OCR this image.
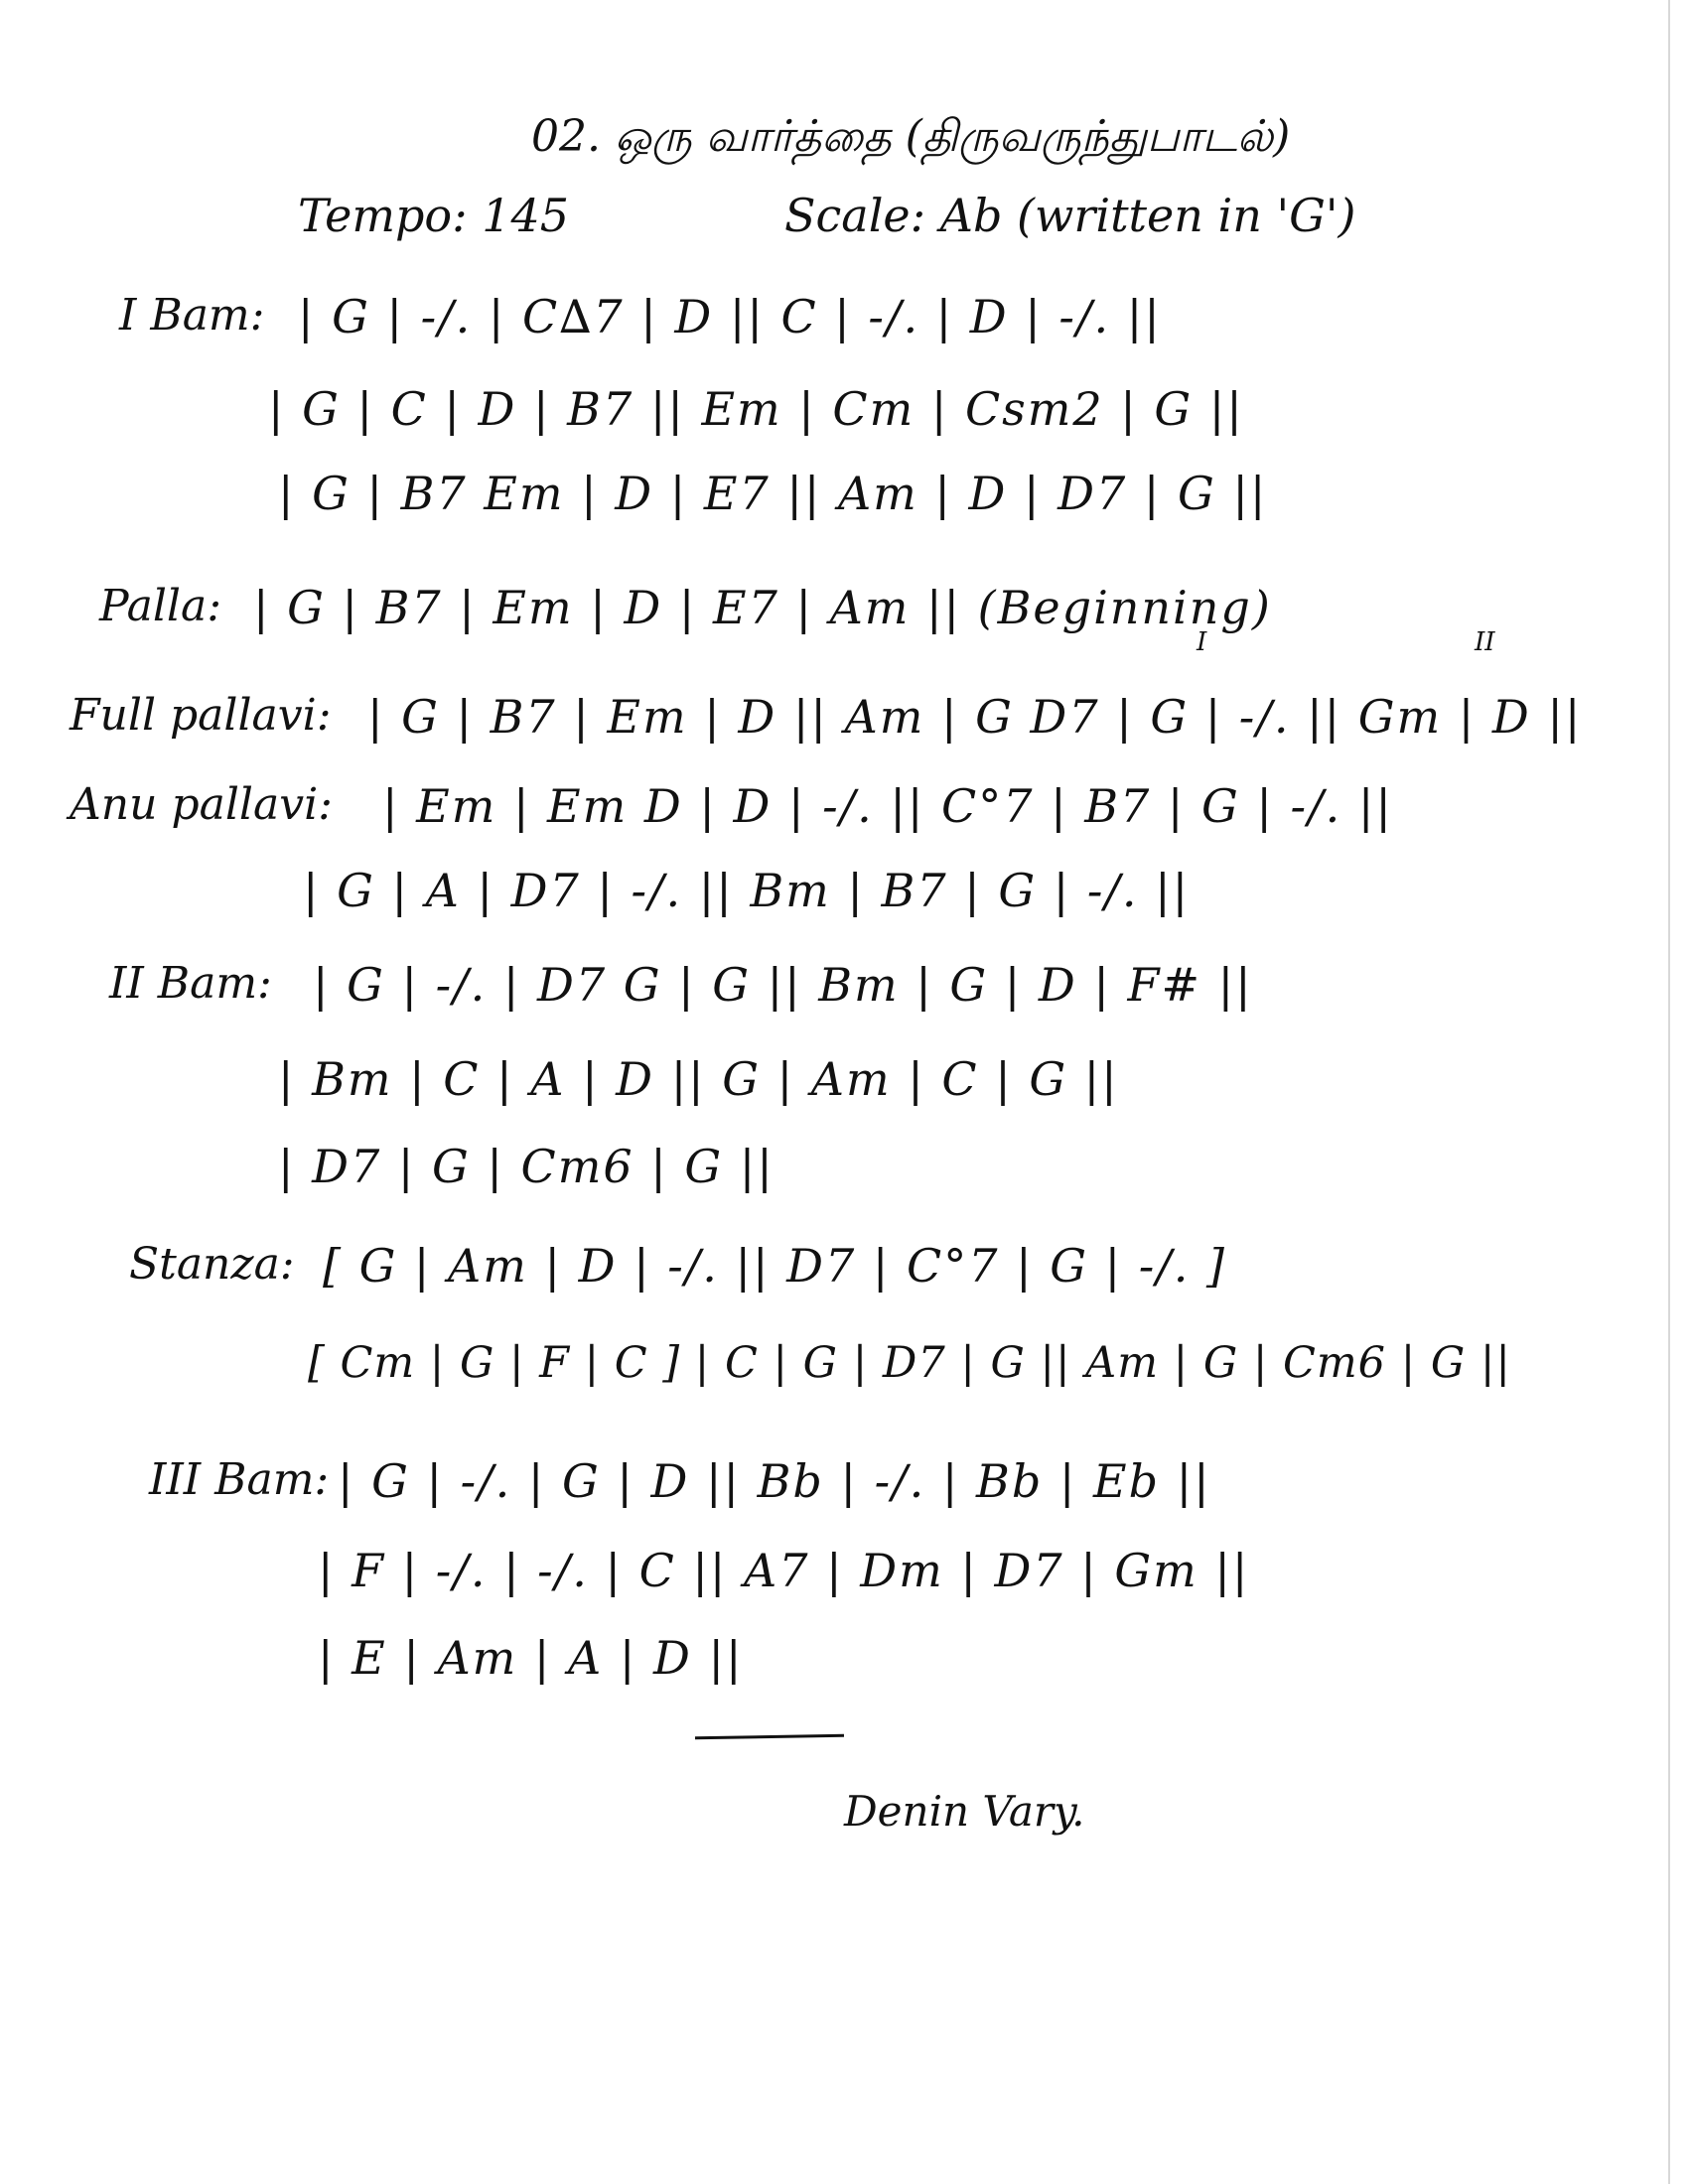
02. ஒரு வார்த்தை (திருவருந்துபாடல்)
Tempo: 145	Scale: Ab (written in 'G')
I Bam: | G | -/. | C∆7 | D || C | -/. | D | -/. ||
| G | C | D | B7 || Em | Cm | Csm2 | G ||
| G | B7 Em | D | E7 || Am | D | D7 | G ||
Palla: | G | B7 | Em | D | E7 | Am || (Beginning)
I	II
Full pallavi: | G | B7 | Em | D || Am | G D7 | G | -/. || Gm | D ||
Anu pallavi: | Em | Em D | D | -/. || C°7 | B7 | G | -/. ||
| G | A | D7 | -/. || Bm | B7 | G | -/. ||
II Bam: | G | -/. | D7 G | G || Bm | G | D | F# ||
| Bm | C | A | D || G | Am | C | G ||
| D7 | G | Cm6 | G ||
Stanza: [ G | Am | D | -/. || D7 | C°7 | G | -/. ]
[ Cm | G | F | C ] | C | G | D7 | G || Am | G | Cm6 | G ||
III Bam: | G | -/. | G | D || Bb | -/. | Bb | Eb ||
| F | -/. | -/. | C || A7 | Dm | D7 | Gm ||
| E | Am | A | D ||
Denin Vary.
